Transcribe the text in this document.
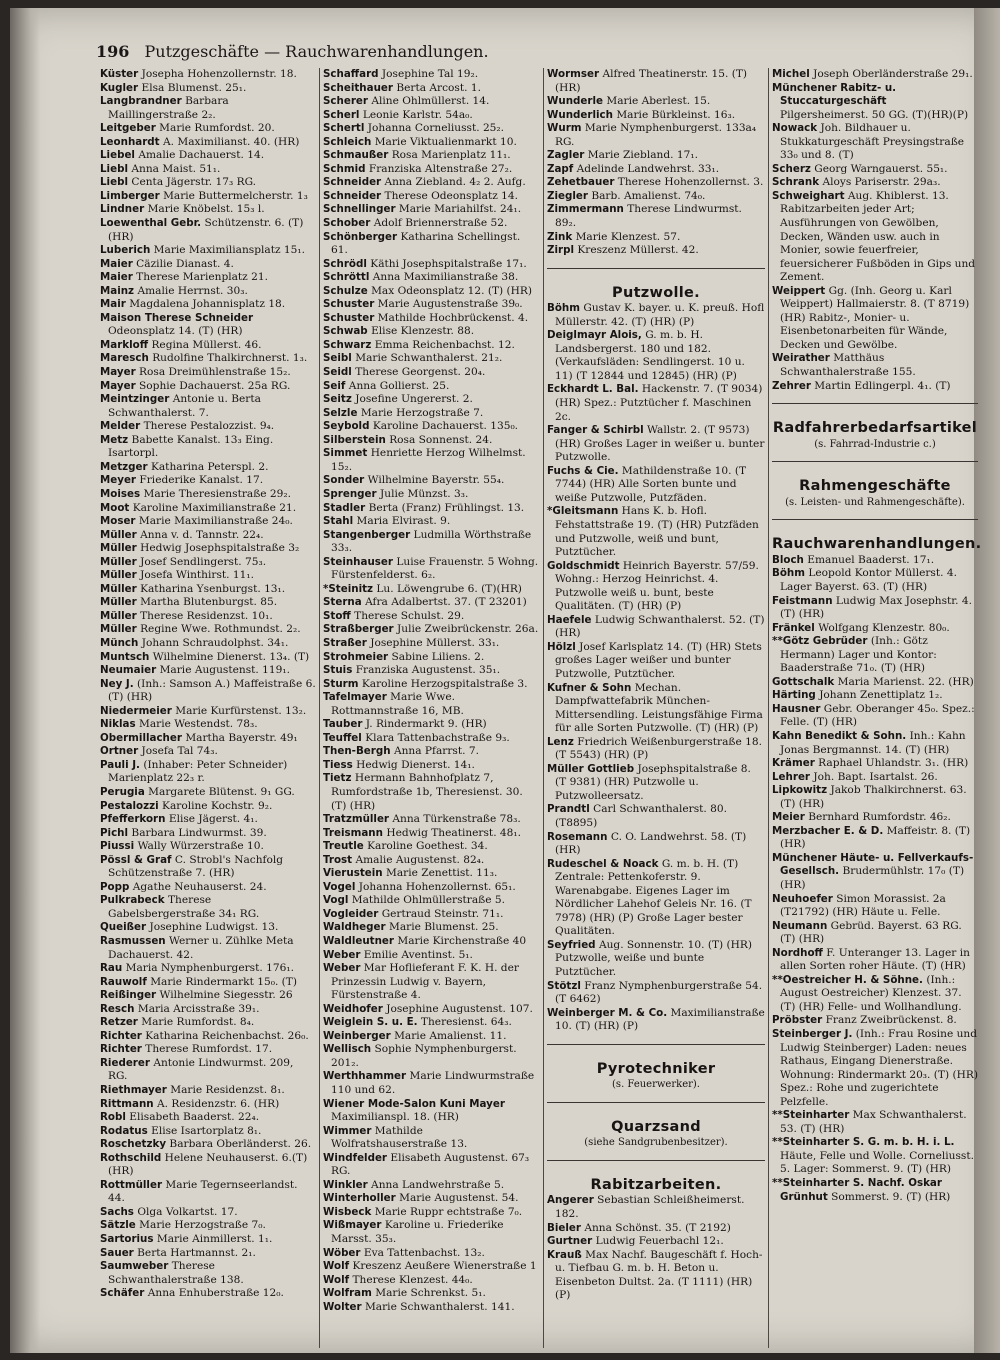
196 Putzgeschäfte — Rauchwarenhandlungen.
Küster Josepha Hohenzollernstr. 18.
Kugler Elsa Blumenst. 25₁.
Langbrandner Barbara Maillingerstraße 2₂.
Leitgeber Marie Rumfordst. 20.
Leonhardt A. Maximilianst. 40. (HR)
Liebel Amalie Dachauerst. 14.
Liebl Anna Maist. 51₁.
Liebl Centa Jägerstr. 17₃ RG.
Limberger Marie Buttermelcherstr. 1₃
Lindner Marie Knöbelst. 15₃ l.
Loewenthal Gebr. Schützenstr. 6. (T) (HR)
Luberich Marie Maximiliansplatz 15₁.
Maier Cäzilie Dianast. 4.
Maier Therese Marienplatz 21.
Mainz Amalie Herrnst. 30₃.
Mair Magdalena Johannisplatz 18.
Maison Therese Schneider Odeonsplatz 14. (T) (HR)
Markloff Regina Müllerst. 46.
Maresch Rudolfine Thalkirchnerst. 1₃.
Mayer Rosa Dreimühlenstraße 15₂.
Mayer Sophie Dachauerst. 25a RG.
Meintzinger Antonie u. Berta Schwanthalerst. 7.
Melder Therese Pestalozzist. 9₄.
Metz Babette Kanalst. 13₃ Eing. Isartorpl.
Metzger Katharina Peterspl. 2.
Meyer Friederike Kanalst. 17.
Moises Marie Theresienstraße 29₂.
Moot Karoline Maximilianstraße 21.
Moser Marie Maximilianstraße 24₀.
Müller Anna v. d. Tannstr. 22₄.
Müller Hedwig Josephspitalstraße 3₂
Müller Josef Sendlingerst. 75₃.
Müller Josefa Winthirst. 11₁.
Müller Katharina Ysenburgst. 13₁.
Müller Martha Blutenburgst. 85.
Müller Therese Residenzst. 10₁.
Müller Regine Wwe. Rothmundst. 2₂.
Münch Johann Schraudolphst. 34₁.
Muntsch Wilhelmine Dienerst. 13₄. (T)
Neumaier Marie Augustenst. 119₁.
Ney J. (Inh.: Samson A.) Maffeistraße 6. (T) (HR)
Niedermeier Marie Kurfürstenst. 13₂.
Niklas Marie Westendst. 78₃.
Obermillacher Martha Bayerstr. 49₁
Ortner Josefa Tal 74₃.
Pauli J. (Inhaber: Peter Schneider) Marienplatz 22₃ r.
Perugia Margarete Blütenst. 9₁ GG.
Pestalozzi Karoline Kochstr. 9₂.
Pfefferkorn Elise Jägerst. 4₁.
Pichl Barbara Lindwurmst. 39.
Piussi Wally Würzerstraße 10.
Pössl & Graf C. Strobl's Nachfolg Schützenstraße 7. (HR)
Popp Agathe Neuhauserst. 24.
Pulkrabeck Therese Gabelsbergerstraße 34₁ RG.
Queißer Josephine Ludwigst. 13.
Rasmussen Werner u. Zühlke Meta Dachauerst. 42.
Rau Maria Nymphenburgerst. 176₁.
Rauwolf Marie Rindermarkt 15₀. (T)
Reißinger Wilhelmine Siegesstr. 26
Resch Maria Arcisstraße 39₁.
Retzer Marie Rumfordst. 8₄.
Richter Katharina Reichenbachst. 26₀.
Richter Therese Rumfordst. 17.
Riederer Antonie Lindwurmst. 209, RG.
Riethmayer Marie Residenzst. 8₁.
Rittmann A. Residenzstr. 6. (HR)
Robl Elisabeth Baaderst. 22₄.
Rodatus Elise Isartorplatz 8₁.
Roschetzky Barbara Oberländerst. 26.
Rothschild Helene Neuhauserst. 6.(T)(HR)
Rottmüller Marie Tegernseerlandst. 44.
Sachs Olga Volkartst. 17.
Sätzle Marie Herzogstraße 7₀.
Sartorius Marie Ainmillerst. 1₁.
Sauer Berta Hartmannst. 2₁.
Saumweber Therese Schwanthalerstraße 138.
Schäfer Anna Enhuberstraße 12₀.
Schaffard Josephine Tal 19₂.
Scheithauer Berta Arcost. 1.
Scherer Aline Ohlmüllerst. 14.
Scherl Leonie Karlstr. 54a₀.
Schertl Johanna Corneliusst. 25₂.
Schleich Marie Viktualienmarkt 10.
Schmaußer Rosa Marienplatz 11₁.
Schmid Franziska Altenstraße 27₂.
Schneider Anna Ziebland. 4₂ 2. Aufg.
Schneider Therese Odeonsplatz 14.
Schnellinger Marie Mariahilfst. 24₁.
Schober Adolf Briennerstraße 52.
Schönberger Katharina Schellingst. 61.
Schrödl Käthi Josephspitalstraße 17₁.
Schröttl Anna Maximilianstraße 38.
Schulze Max Odeonsplatz 12. (T) (HR)
Schuster Marie Augustenstraße 39₀.
Schuster Mathilde Hochbrückenst. 4.
Schwab Elise Klenzestr. 88.
Schwarz Emma Reichenbachst. 12.
Seibl Marie Schwanthalerst. 21₂.
Seidl Therese Georgenst. 20₄.
Seif Anna Gollierst. 25.
Seitz Josefine Ungererst. 2.
Selzle Marie Herzogstraße 7.
Seybold Karoline Dachauerst. 135₀.
Silberstein Rosa Sonnenst. 24.
Simmet Henriette Herzog Wilhelmst. 15₂.
Sonder Wilhelmine Bayerstr. 55₄.
Sprenger Julie Münzst. 3₃.
Stadler Berta (Franz) Frühlingst. 13.
Stahl Maria Elvirast. 9.
Stangenberger Ludmilla Wörthstraße 33₃.
Steinhauser Luise Frauenstr. 5 Wohng. Fürstenfelderst. 6₂.
*Steinitz Lu. Löwengrube 6. (T)(HR)
Sterna Afra Adalbertst. 37. (T 23201)
Stoff Therese Schulst. 29.
Straßberger Julie Zweibrückenstr. 26a.
Straßer Josephine Müllerst. 33₁.
Strohmeier Sabine Liliens. 2.
Stuis Franziska Augustenst. 35₁.
Sturm Karoline Herzogspitalstraße 3.
Tafelmayer Marie Wwe. Rottmannstraße 16, MB.
Tauber J. Rindermarkt 9. (HR)
Teuffel Klara Tattenbachstraße 9₃.
Then-Bergh Anna Pfarrst. 7.
Tiess Hedwig Dienerst. 14₁.
Tietz Hermann Bahnhofplatz 7, Rumfordstraße 1b, Theresienst. 30. (T) (HR)
Tratzmüller Anna Türkenstraße 78₃.
Treismann Hedwig Theatinerst. 48₁.
Treutle Karoline Goethest. 34.
Trost Amalie Augustenst. 82₄.
Vierustein Marie Zenettist. 11₃.
Vogel Johanna Hohenzollernst. 65₁.
Vogl Mathilde Ohlmüllerstraße 5.
Vogleider Gertraud Steinstr. 71₁.
Waldheger Marie Blumenst. 25.
Waldleutner Marie Kirchenstraße 40
Weber Emilie Aventinst. 5₁.
Weber Mar Hoflieferant F. K. H. der Prinzessin Ludwig v. Bayern, Fürstenstraße 4.
Weidhofer Josephine Augustenst. 107.
Weiglein S. u. E. Theresienst. 64₃.
Weinberger Marie Amalienst. 11.
Wellisch Sophie Nymphenburgerst. 201₂.
Werthhammer Marie Lindwurmstraße 110 und 62.
Wiener Mode-Salon Kuni Mayer Maximilianspl. 18. (HR)
Wimmer Mathilde Wolfratshauserstraße 13.
Windfelder Elisabeth Augustenst. 67₃ RG.
Winkler Anna Landwehrstraße 5.
Winterholler Marie Augustenst. 54.
Wisbeck Marie Ruppr echtstraße 7₀.
Wißmayer Karoline u. Friederike Marsst. 35₃.
Wöber Eva Tattenbachst. 13₂.
Wolf Kreszenz Aeußere Wienerstraße 1
Wolf Therese Klenzest. 44₀.
Wolfram Marie Schrenkst. 5₁.
Wolter Marie Schwanthalerst. 141.
Wormser Alfred Theatinerstr. 15. (T) (HR)
Wunderle Marie Aberlest. 15.
Wunderlich Marie Bürkleinst. 16₃.
Wurm Marie Nymphenburgerst. 133a₄ RG.
Zagler Marie Ziebland. 17₁.
Zapf Adelinde Landwehrst. 33₁.
Zehetbauer Therese Hohenzollernst. 3.
Ziegler Barb. Amalienst. 74₀.
Zimmermann Therese Lindwurmst. 89₂.
Zink Marie Klenzest. 57.
Zirpl Kreszenz Müllerst. 42.
Putzwolle.
Böhm Gustav K. bayer. u. K. preuß. Hofl Müllerstr. 42. (T) (HR) (P)
Deiglmayr Alois, G. m. b. H. Landsbergerst. 180 und 182. (Verkaufsläden: Sendlingerst. 10 u. 11) (T 12844 und 12845) (HR) (P)
Eckhardt L. Bal. Hackenstr. 7. (T 9034) (HR) Spez.: Putztücher f. Maschinen 2c.
Fanger & Schirbl Wallstr. 2. (T 9573) (HR) Großes Lager in weißer u. bunter Putzwolle.
Fuchs & Cie. Mathildenstraße 10. (T 7744) (HR) Alle Sorten bunte und weiße Putzwolle, Putzfäden.
*Gleitsmann Hans K. b. Hofl. Fehstattstraße 19. (T) (HR) Putzfäden und Putzwolle, weiß und bunt, Putztücher.
Goldschmidt Heinrich Bayerstr. 57/59. Wohng.: Herzog Heinrichst. 4. Putzwolle weiß u. bunt, beste Qualitäten. (T) (HR) (P)
Haefele Ludwig Schwanthalerst. 52. (T) (HR)
Hölzl Josef Karlsplatz 14. (T) (HR) Stets großes Lager weißer und bunter Putzwolle, Putztücher.
Kufner & Sohn Mechan. Dampfwattefabrik München-Mittersendling. Leistungsfähige Firma für alle Sorten Putzwolle. (T) (HR) (P)
Lenz Friedrich Weißenburgerstraße 18. (T 5543) (HR) (P)
Müller Gottlieb Josephspitalstraße 8. (T 9381) (HR) Putzwolle u. Putzwolleersatz.
Prandtl Carl Schwanthalerst. 80. (T8895)
Rosemann C. O. Landwehrst. 58. (T) (HR)
Rudeschel & Noack G. m. b. H. (T) Zentrale: Pettenkoferstr. 9. Warenabgabe. Eigenes Lager im Nördlicher Lahehof Geleis Nr. 16. (T 7978) (HR) (P) Große Lager bester Qualitäten.
Seyfried Aug. Sonnenstr. 10. (T) (HR) Putzwolle, weiße und bunte Putztücher.
Stötzl Franz Nymphenburgerstraße 54. (T 6462)
Weinberger M. & Co. Maximilianstraße 10. (T) (HR) (P)
Pyrotechniker
(s. Feuerwerker).
Quarzsand
(siehe Sandgrubenbesitzer).
Rabitzarbeiten.
Angerer Sebastian Schleißheimerst. 182.
Bieler Anna Schönst. 35. (T 2192)
Gurtner Ludwig Feuerbachl 12₁.
Krauß Max Nachf. Baugeschäft f. Hoch- u. Tiefbau G. m. b. H. Beton u. Eisenbeton Dultst. 2a. (T 1111) (HR) (P)
Michel Joseph Oberländerstraße 29₁.
Münchener Rabitz- u. Stuccaturgeschäft Pilgersheimerst. 50 GG. (T)(HR)(P)
Nowack Joh. Bildhauer u. Stukkaturgeschäft Preysingstraße 33₀ und 8. (T)
Scherz Georg Warngauerst. 55₁.
Schrank Aloys Pariserstr. 29a₃.
Schweighart Aug. Khiblerst. 13. Rabitzarbeiten jeder Art; Ausführungen von Gewölben, Decken, Wänden usw. auch in Monier, sowie feuerfreier, feuersicherer Fußböden in Gips und Zement.
Weippert Gg. (Inh. Georg u. Karl Weippert) Hallmaierstr. 8. (T 8719) (HR) Rabitz-, Monier- u. Eisenbetonarbeiten für Wände, Decken und Gewölbe.
Weirather Matthäus Schwanthalerstraße 155.
Zehrer Martin Edlingerpl. 4₁. (T)
Radfahrerbedarfsartikel
(s. Fahrrad-Industrie c.)
Rahmengeschäfte
(s. Leisten- und Rahmengeschäfte).
Rauchwarenhandlungen.
Bloch Emanuel Baaderst. 17₁.
Böhm Leopold Kontor Müllerst. 4. Lager Bayerst. 63. (T) (HR)
Feistmann Ludwig Max Josephstr. 4. (T) (HR)
Fränkel Wolfgang Klenzestr. 80₀.
**Götz Gebrüder (Inh.: Götz Hermann) Lager und Kontor: Baaderstraße 71₀. (T) (HR)
Gottschalk Maria Marienst. 22. (HR)
Härting Johann Zenettiplatz 1₂.
Hausner Gebr. Oberanger 45₀. Spez.: Felle. (T) (HR)
Kahn Benedikt & Sohn. Inh.: Kahn Jonas Bergmannst. 14. (T) (HR)
Krämer Raphael Uhlandstr. 3₁. (HR)
Lehrer Joh. Bapt. Isartalst. 26.
Lipkowitz Jakob Thalkirchnerst. 63. (T) (HR)
Meier Bernhard Rumfordstr. 46₂.
Merzbacher E. & D. Maffeistr. 8. (T) (HR)
Münchener Häute- u. Fellverkaufs-Gesellsch. Brudermühlstr. 17₀ (T) (HR)
Neuhoefer Simon Morassist. 2a (T21792) (HR) Häute u. Felle.
Neumann Gebrüd. Bayerst. 63 RG. (T) (HR)
Nordhoff F. Unteranger 13. Lager in allen Sorten roher Häute. (T) (HR)
**Oestreicher H. & Söhne. (Inh.: August Oestreicher) Klenzest. 37. (T) (HR) Felle- und Wollhandlung.
Pröbster Franz Zweibrückenst. 8.
Steinberger J. (Inh.: Frau Rosine und Ludwig Steinberger) Laden: neues Rathaus, Eingang Dienerstraße. Wohnung: Rindermarkt 20₃. (T) (HR) Spez.: Rohe und zugerichtete Pelzfelle.
**Steinharter Max Schwanthalerst. 53. (T) (HR)
**Steinharter S. G. m. b. H. i. L. Häute, Felle und Wolle. Corneliusst. 5. Lager: Sommerst. 9. (T) (HR)
**Steinharter S. Nachf. Oskar Grünhut Sommerst. 9. (T) (HR)
